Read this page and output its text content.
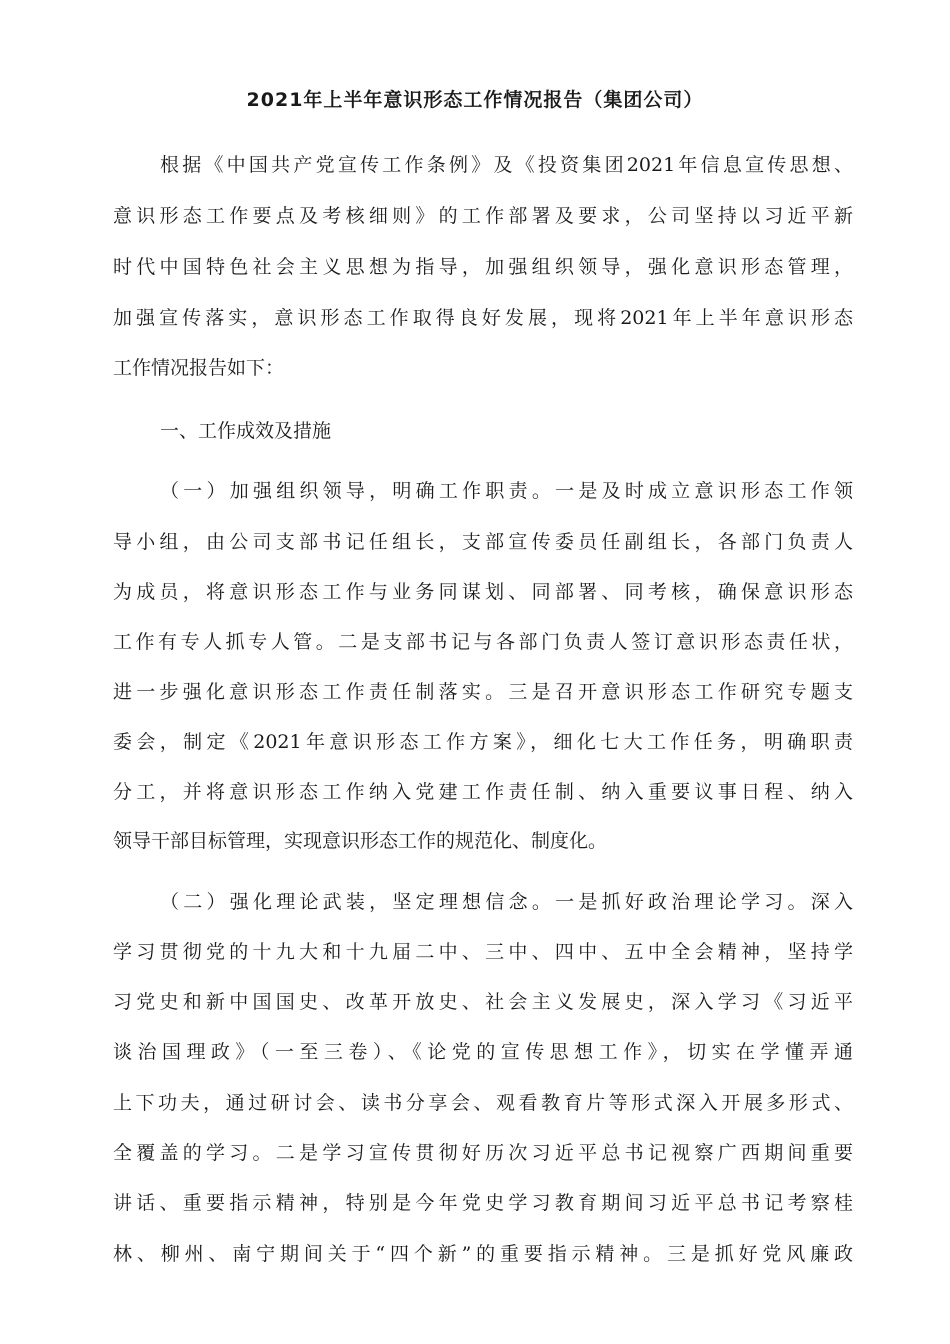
2021年上半年意识形态工作情况报告（集团公司）
根据《中国共产党宣传工作条例》及《投资集团2021年信息宣传思想、
意识形态工作要点及考核细则》的工作部署及要求，公司坚持以习近平新
时代中国特色社会主义思想为指导，加强组织领导，强化意识形态管理，
加强宣传落实，意识形态工作取得良好发展，现将2021年上半年意识形态
工作情况报告如下：
一、工作成效及措施
（一）加强组织领导，明确工作职责。一是及时成立意识形态工作领
导小组，由公司支部书记任组长，支部宣传委员任副组长，各部门负责人
为成员，将意识形态工作与业务同谋划、同部署、同考核，确保意识形态
工作有专人抓专人管。二是支部书记与各部门负责人签订意识形态责任状，
进一步强化意识形态工作责任制落实。三是召开意识形态工作研究专题支
委会，制定《2021年意识形态工作方案》，细化七大工作任务，明确职责
分工，并将意识形态工作纳入党建工作责任制、纳入重要议事日程、纳入
领导干部目标管理，实现意识形态工作的规范化、制度化。
（二）强化理论武装，坚定理想信念。一是抓好政治理论学习。深入
学习贯彻党的十九大和十九届二中、三中、四中、五中全会精神，坚持学
习党史和新中国国史、改革开放史、社会主义发展史，深入学习《习近平
谈治国理政》（一至三卷）、《论党的宣传思想工作》，切实在学懂弄通
上下功夫，通过研讨会、读书分享会、观看教育片等形式深入开展多形式、
全覆盖的学习。二是学习宣传贯彻好历次习近平总书记视察广西期间重要
讲话、重要指示精神，特别是今年党史学习教育期间习近平总书记考察桂
林、柳州、南宁期间关于“四个新”的重要指示精神。三是抓好党风廉政
